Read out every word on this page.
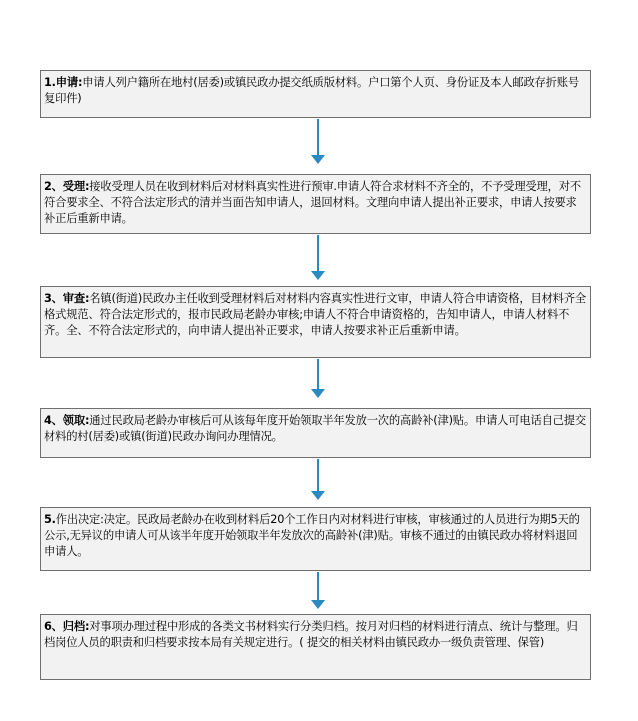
1.申请:申请人列户籍所在地村(居委)或镇民政办提交纸质版材料。户口第个人页、身份证及本人邮政存折账号复印件)
2、受理:接收受理人员在收到材料后对材料真实性进行预审.申请人符合求材料不齐全的，不予受理受理，对不符合要求全、不符合法定形式的清并当面告知申请人，退回材料。文理向申请人提出补正要求，申请人按要求补正后重新申请。
3、审查:名镇(街道)民政办主任收到受理材料后对材料内容真实性进行文审，申请人符合申请资格，目材料齐全 格式规范、符合法定形式的，报市民政局老龄办审核;申请人不符合申请资格的，告知申请人，申请人材料不齐。全、不符合法定形式的，向申请人提出补正要求，申请人按要求补正后重新申请。
4、领取:通过民政局老龄办审核后可从该每年度开始领取半年发放一次的高龄补(津)贴。申请人可电话自己提交材料的村(居委)或镇(街道)民政办询问办理情况。
5.作出决定:决定。民政局老龄办在收到材料后20个工作日内对材料进行审核，审核通过的人员进行为期5天的公示,无异议的申请人可从该半年度开始领取半年发放次的高龄补(津)贴。审核不通过的由镇民政办将材料退回申请人。
6、归档:对事项办理过程中形成的各类文书材料实行分类归档。按月对归档的材料进行清点、统计与整理。归档岗位人员的职责和归档要求按本局有关规定进行。( 提交的相关材料由镇民政办一级负责管理、保管)
